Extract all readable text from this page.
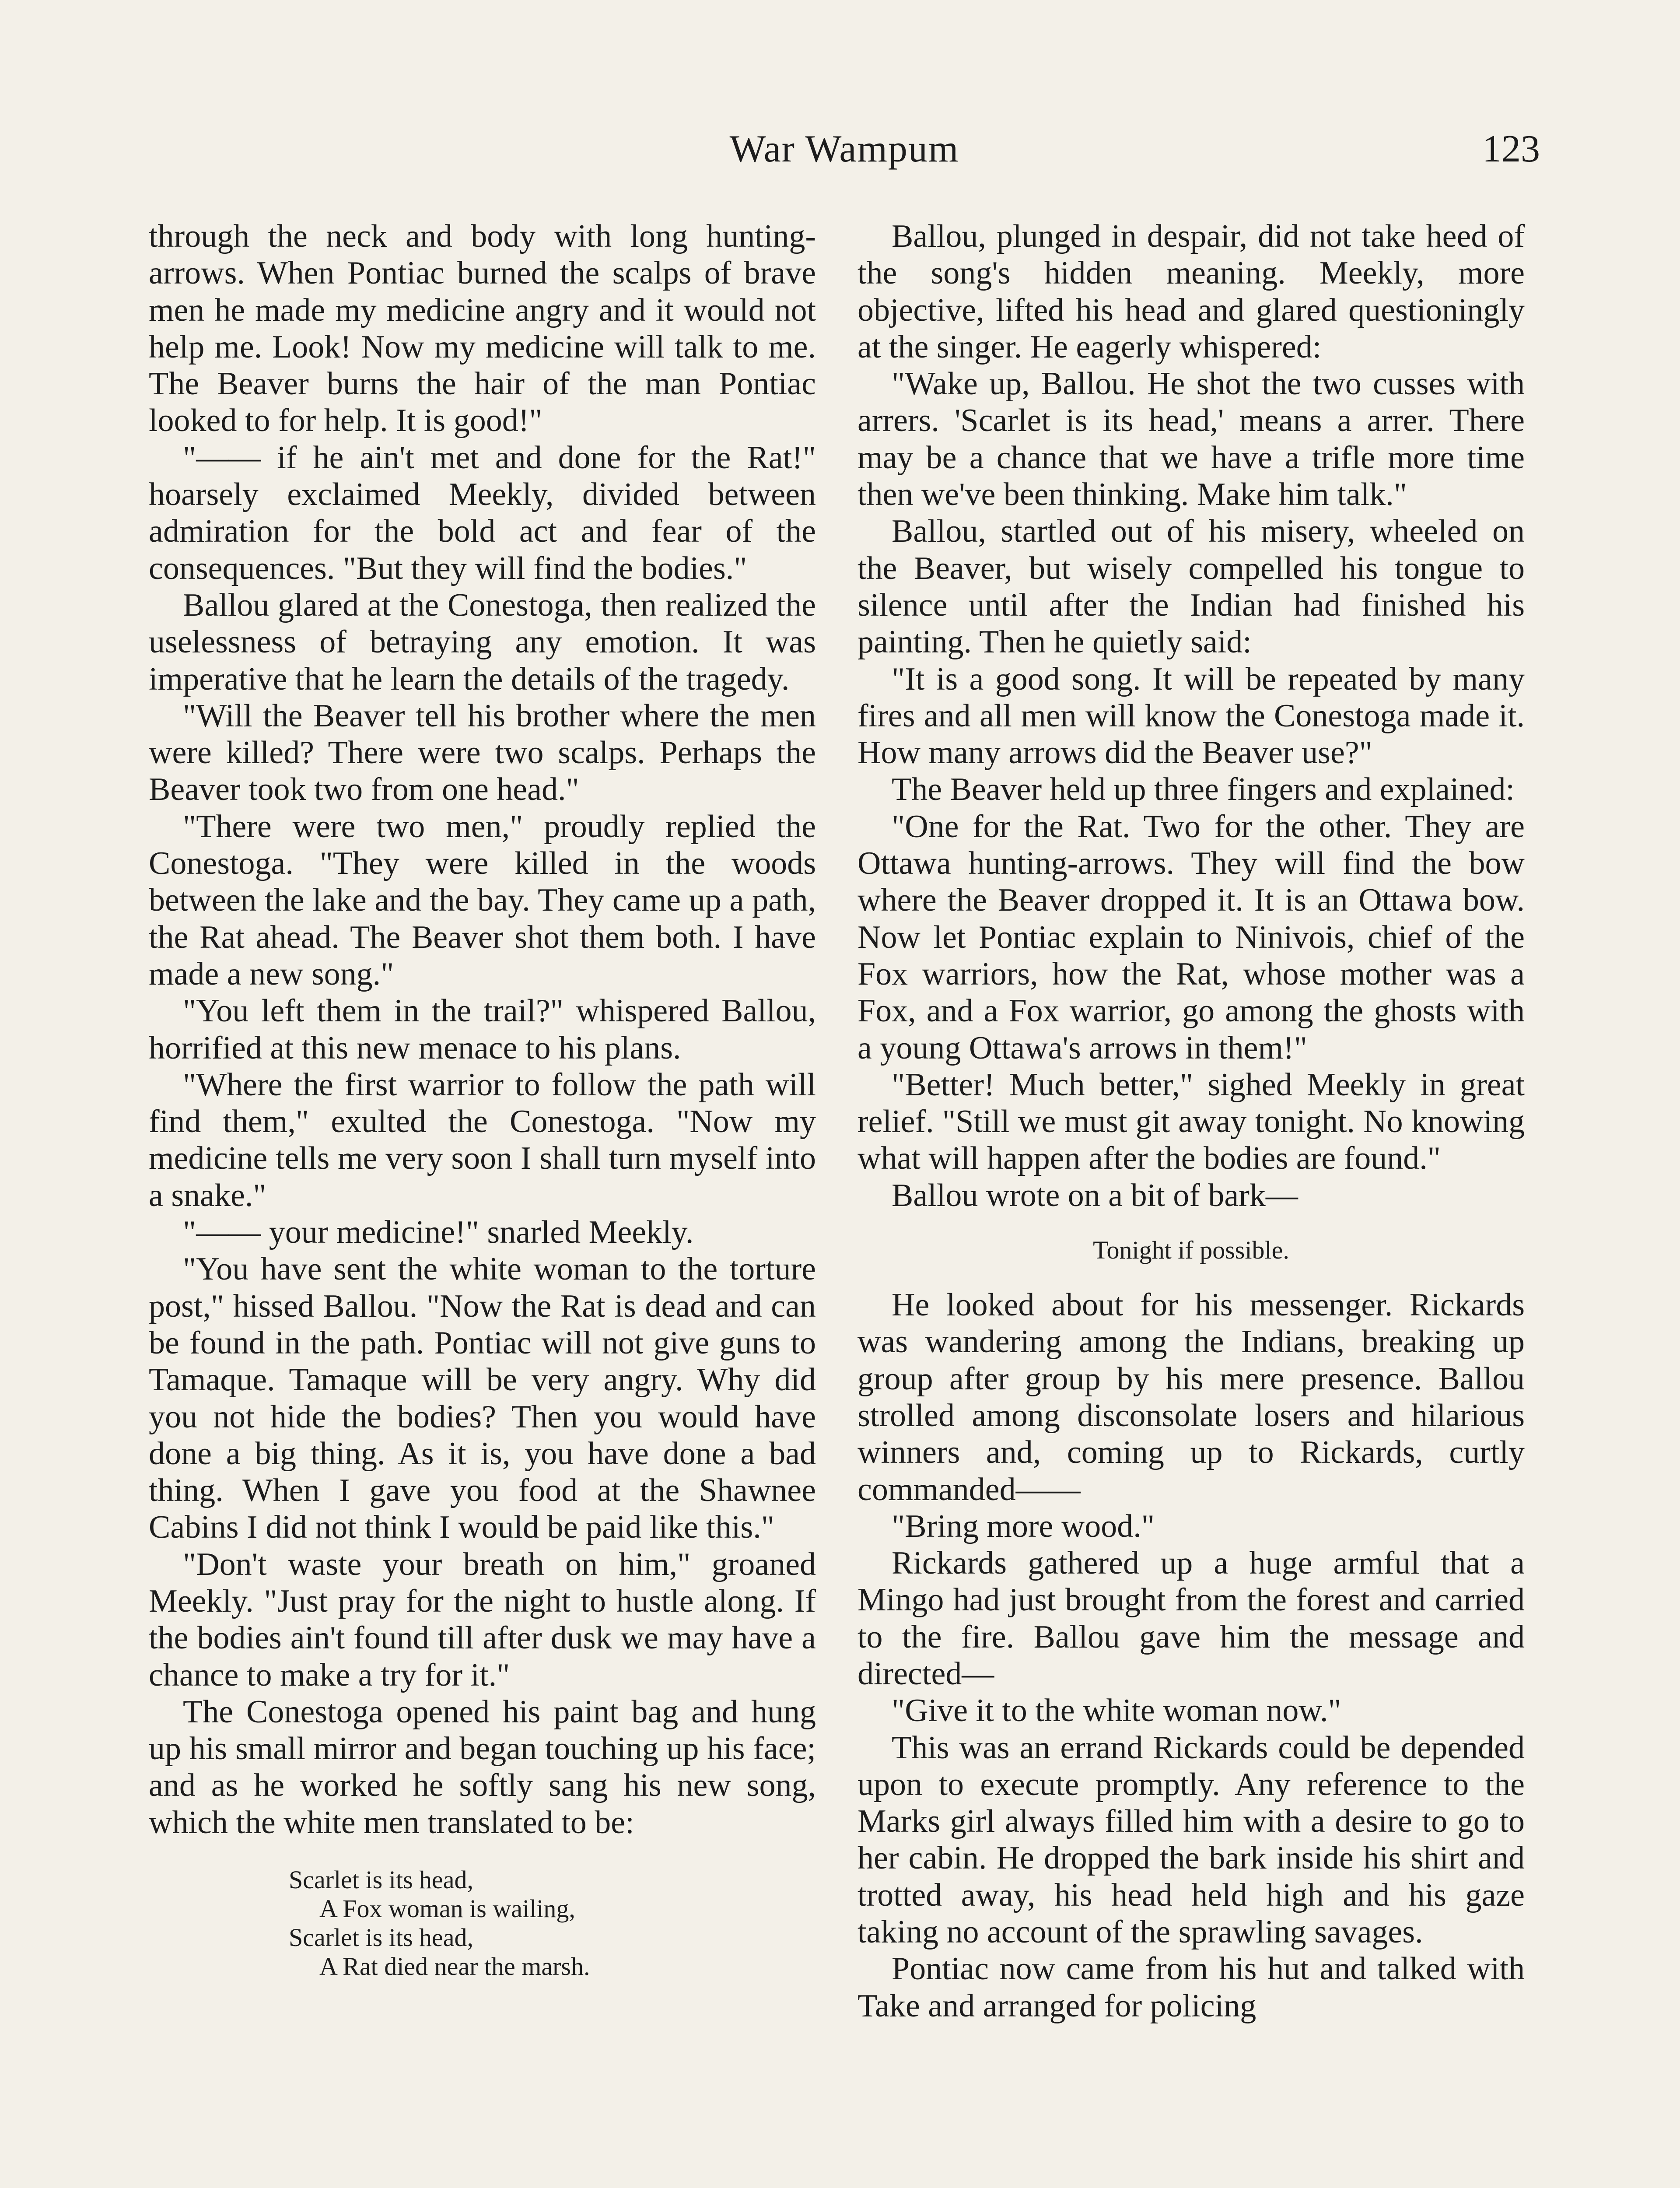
War Wampum	123

through the neck and body with long hunting-arrows. When Pontiac burned the scalps of brave men he made my medicine angry and it would not help me. Look! Now my medicine will talk to me. The Beaver burns the hair of the man Pontiac looked to for help. It is good!"

"—— if he ain't met and done for the Rat!" hoarsely exclaimed Meekly, divided between admiration for the bold act and fear of the consequences. "But they will find the bodies."

Ballou glared at the Conestoga, then realized the uselessness of betraying any emotion. It was imperative that he learn the details of the tragedy.

"Will the Beaver tell his brother where the men were killed? There were two scalps. Perhaps the Beaver took two from one head."

"There were two men," proudly replied the Conestoga. "They were killed in the woods between the lake and the bay. They came up a path, the Rat ahead. The Beaver shot them both. I have made a new song."

"You left them in the trail?" whispered Ballou, horrified at this new menace to his plans.

"Where the first warrior to follow the path will find them," exulted the Conestoga. "Now my medicine tells me very soon I shall turn myself into a snake."

"—— your medicine!" snarled Meekly.

"You have sent the white woman to the torture post," hissed Ballou. "Now the Rat is dead and can be found in the path. Pontiac will not give guns to Tamaque. Tamaque will be very angry. Why did you not hide the bodies? Then you would have done a big thing. As it is, you have done a bad thing. When I gave you food at the Shawnee Cabins I did not think I would be paid like this."

"Don't waste your breath on him," groaned Meekly. "Just pray for the night to hustle along. If the bodies ain't found till after dusk we may have a chance to make a try for it."

The Conestoga opened his paint bag and hung up his small mirror and began touching up his face; and as he worked he softly sang his new song, which the white men translated to be:

Scarlet is its head,
A Fox woman is wailing,
Scarlet is its head,
A Rat died near the marsh.

Ballou, plunged in despair, did not take heed of the song's hidden meaning. Meekly, more objective, lifted his head and glared questioningly at the singer. He eagerly whispered:

"Wake up, Ballou. He shot the two cusses with arrers. 'Scarlet is its head,' means a arrer. There may be a chance that we have a trifle more time then we've been thinking. Make him talk."

Ballou, startled out of his misery, wheeled on the Beaver, but wisely compelled his tongue to silence until after the Indian had finished his painting. Then he quietly said:

"It is a good song. It will be repeated by many fires and all men will know the Conestoga made it. How many arrows did the Beaver use?"

The Beaver held up three fingers and explained:

"One for the Rat. Two for the other. They are Ottawa hunting-arrows. They will find the bow where the Beaver dropped it. It is an Ottawa bow. Now let Pontiac explain to Ninivois, chief of the Fox warriors, how the Rat, whose mother was a Fox, and a Fox warrior, go among the ghosts with a young Ottawa's arrows in them!"

"Better! Much better," sighed Meekly in great relief. "Still we must git away tonight. No knowing what will happen after the bodies are found."

Ballou wrote on a bit of bark—

Tonight if possible.

He looked about for his messenger. Rickards was wandering among the Indians, breaking up group after group by his mere presence. Ballou strolled among disconsolate losers and hilarious winners and, coming up to Rickards, curtly commanded——

"Bring more wood."

Rickards gathered up a huge armful that a Mingo had just brought from the forest and carried to the fire. Ballou gave him the message and directed—

"Give it to the white woman now."

This was an errand Rickards could be depended upon to execute promptly. Any reference to the Marks girl always filled him with a desire to go to her cabin. He dropped the bark inside his shirt and trotted away, his head held high and his gaze taking no account of the sprawling savages.

Pontiac now came from his hut and talked with Take and arranged for policing
